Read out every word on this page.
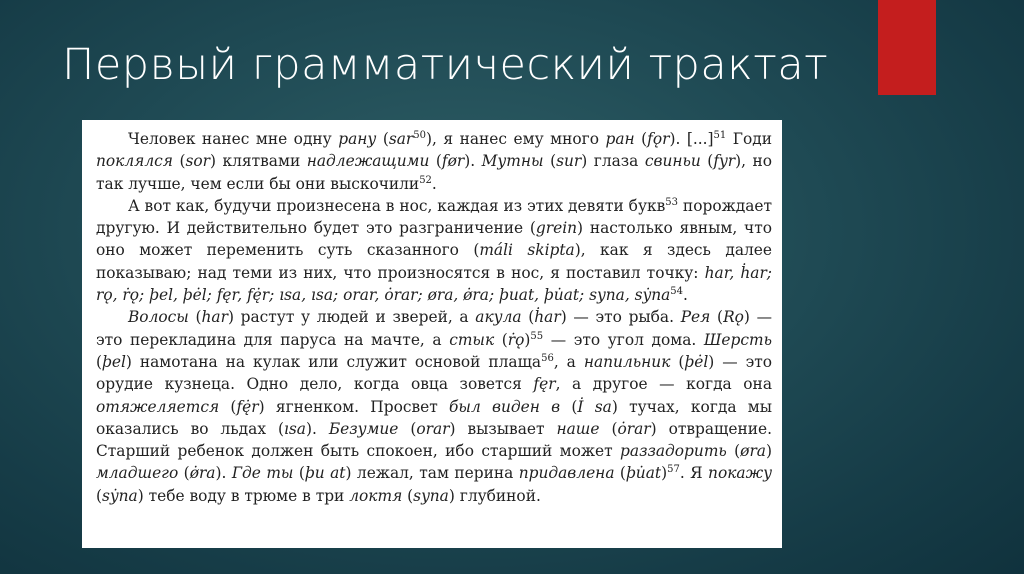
Первый грамматический трактат

Человек нанес мне одну рану (sar$^{50}$), я нанес ему много ран (fǫr). [...]$^{51}$ Годи поклялся (sor) клятвами надлежащими (før). Мутны (sur) глаза свиньи (fyr), но так лучше, чем если бы они выскочили$^{52}$.

А вот как, будучи произнесена в нос, каждая из этих девяти букв$^{53}$ порождает другую. И действительно будет это разграничение (grein) настолько явным, что оно может переменить суть сказанного (máli skipta), как я здесь далее показываю; над теми из них, что произносятся в нос, я поставил точку: har, ḣar; rǫ, ṙǫ; þel, þėl; fęr, fę̇r; ısa, ısa; orar, ȯrar; øra, ø̇ra; þuat, þu̇at; syna, sẏna$^{54}$.

Волосы (har) растут у людей и зверей, а акула (ḣar) — это рыба. Рея (Rǫ) — это перекладина для паруса на мачте, а стык (ṙǫ)$^{55}$ — это угол дома. Шерсть (þel) намотана на кулак или служит основой плаща$^{56}$, а напильник (þėl) — это орудие кузнеца. Одно дело, когда овца зовется fęr, а другое — когда она отяжеляется (fę̇r) ягненком. Просвет был виден в (İ sa) тучах, когда мы оказались во льдах (ısa). Безумие (orar) вызывает наше (ȯrar) отвращение. Старший ребенок должен быть спокоен, ибо старший может раззадорить (øra) младшего (ø̇ra). Где ты (þu at) лежал, там перина придавлена (þu̇at)$^{57}$. Я покажу (sẏna) тебе воду в трюме в три локтя (syna) глубиной.
